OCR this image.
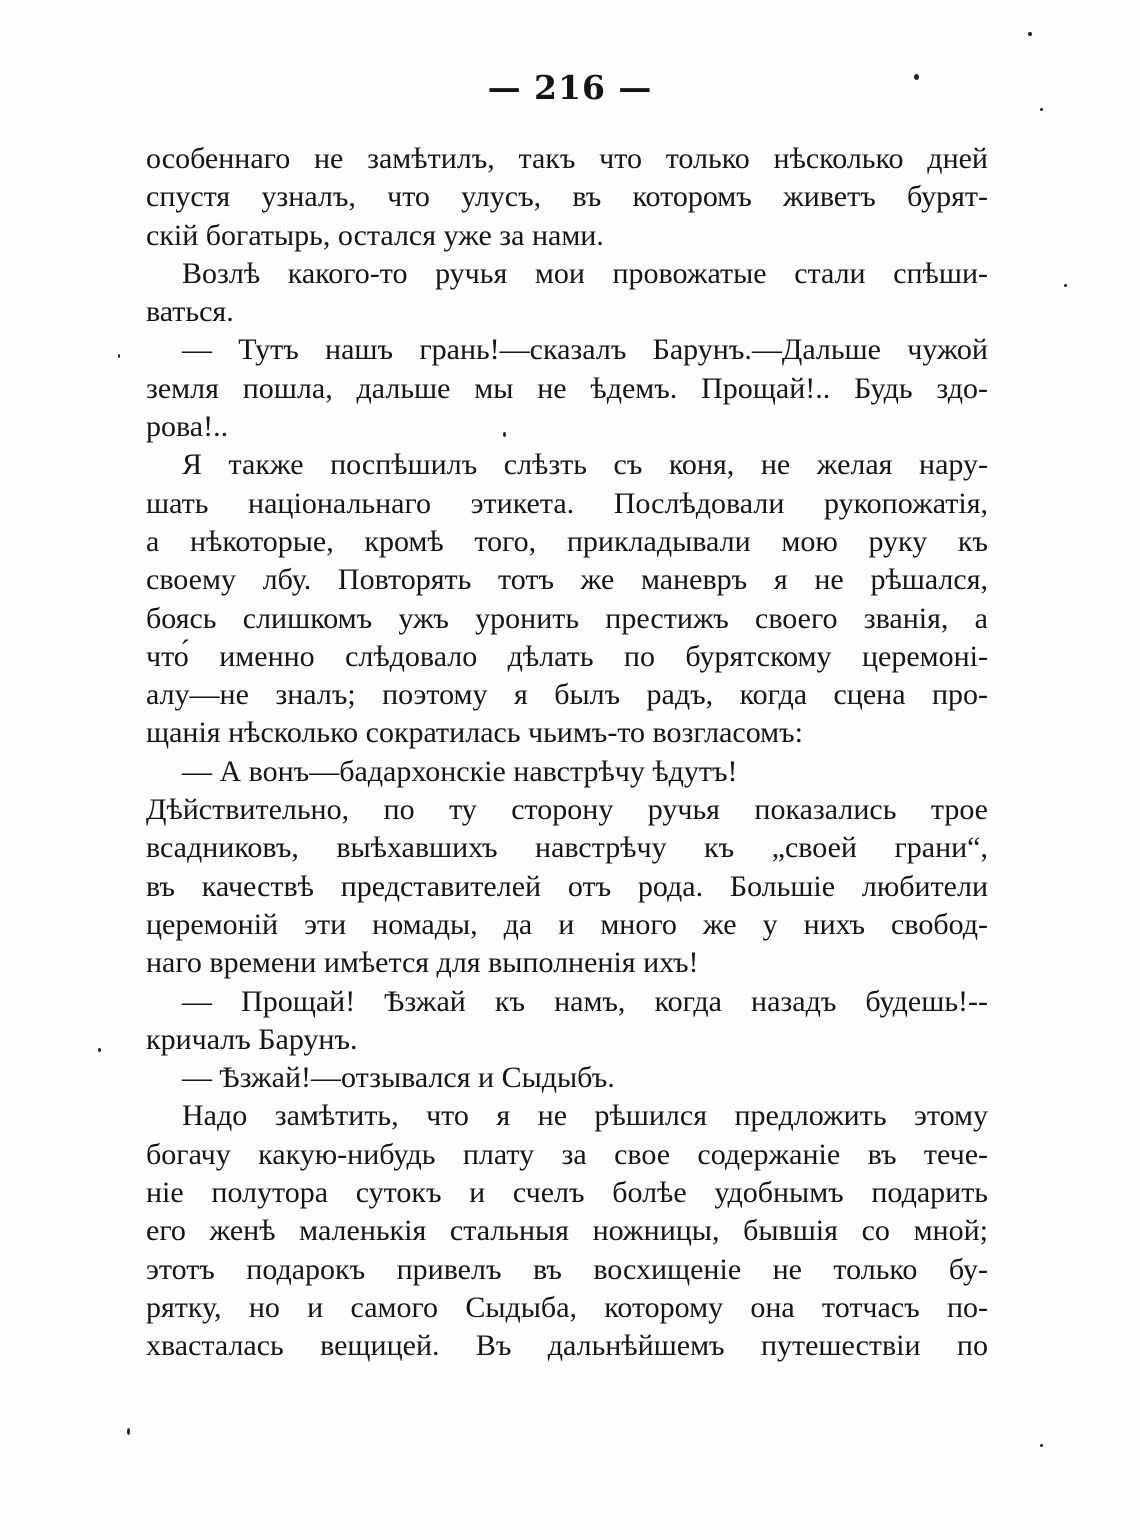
— 216 —
особеннаго не замѣтилъ, такъ что только нѣсколько дней
спустя узналъ, что улусъ, въ которомъ живетъ бурят-
скій богатырь, остался уже за нами.
Возлѣ какого-то ручья мои провожатые стали спѣши-
ваться.
— Тутъ нашъ грань!—сказалъ Барунъ.—Дальше чужой
земля пошла, дальше мы не ѣдемъ. Прощай!.. Будь здо-
рова!..
Я также поспѣшилъ слѣзть съ коня, не желая нару-
шать національнаго этикета. Послѣдовали рукопожатія,
а нѣкоторые, кромѣ того, прикладывали мою руку къ
своему лбу. Повторять тотъ же маневръ я не рѣшался,
боясь слишкомъ ужъ уронить престижъ своего званія, а
что́ именно слѣдовало дѣлать по бурятскому церемоні-
алу—не зналъ; поэтому я былъ радъ, когда сцена про-
щанія нѣсколько сократилась чьимъ-то возгласомъ:
— А вонъ—бадархонскіе навстрѣчу ѣдутъ!
Дѣйствительно, по ту сторону ручья показались трое
всадниковъ, выѣхавшихъ навстрѣчу къ „своей грани“,
въ качествѣ представителей отъ рода. Большіе любители
церемоній эти номады, да и много же у нихъ свобод-
наго времени имѣется для выполненія ихъ!
— Прощай! Ѣзжай къ намъ, когда назадъ будешь!--
кричалъ Барунъ.
— Ѣзжай!—отзывался и Сыдыбъ.
Надо замѣтить, что я не рѣшился предложить этому
богачу какую-нибудь плату за свое содержаніе въ тече-
ніе полутора сутокъ и счелъ болѣе удобнымъ подарить
его женѣ маленькія стальныя ножницы, бывшія со мной;
этотъ подарокъ привелъ въ восхищеніе не только бу-
рятку, но и самого Сыдыба, которому она тотчасъ по-
хвасталась вещицей. Въ дальнѣйшемъ путешествіи по
